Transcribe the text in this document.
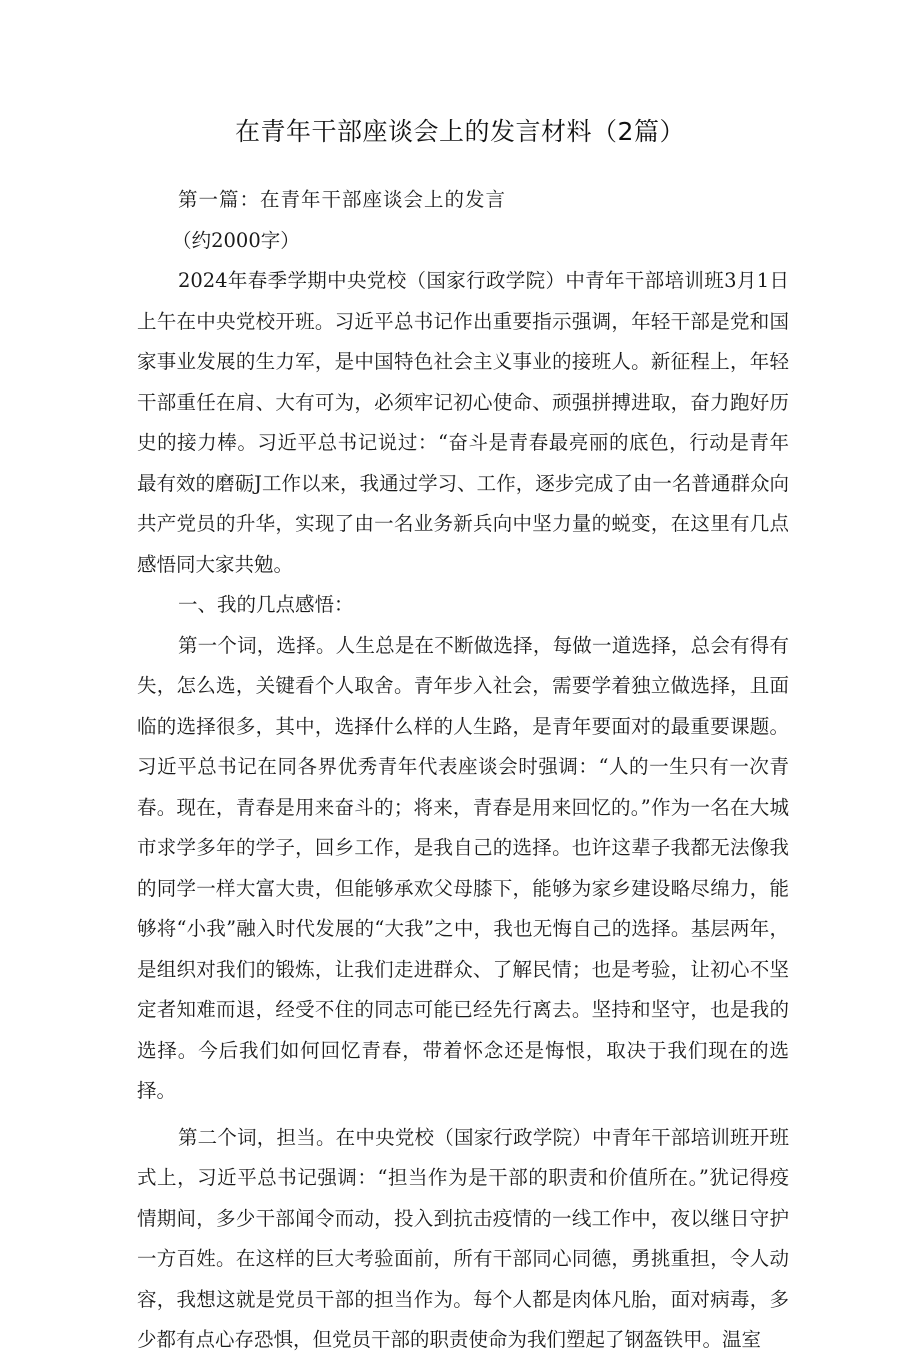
在青年干部座谈会上的发言材料（2篇）

第一篇：在青年干部座谈会上的发言

（约2000字）

2024年春季学期中央党校（国家行政学院）中青年干部培训班3月1日上午在中央党校开班。习近平总书记作出重要指示强调，年轻干部是党和国家事业发展的生力军，是中国特色社会主义事业的接班人。新征程上，年轻干部重任在肩、大有可为，必须牢记初心使命、顽强拼搏进取，奋力跑好历史的接力棒。习近平总书记说过：“奋斗是青春最亮丽的底色，行动是青年最有效的磨砺J工作以来，我通过学习、工作，逐步完成了由一名普通群众向共产党员的升华，实现了由一名业务新兵向中坚力量的蜕变，在这里有几点感悟同大家共勉。

一、我的几点感悟：

第一个词，选择。人生总是在不断做选择，每做一道选择，总会有得有失，怎么选，关键看个人取舍。青年步入社会，需要学着独立做选择，且面临的选择很多，其中，选择什么样的人生路，是青年要面对的最重要课题。习近平总书记在同各界优秀青年代表座谈会时强调：“人的一生只有一次青春。现在，青春是用来奋斗的；将来，青春是用来回忆的。”作为一名在大城市求学多年的学子，回乡工作，是我自己的选择。也许这辈子我都无法像我的同学一样大富大贵，但能够承欢父母膝下，能够为家乡建设略尽绵力，能够将“小我”融入时代发展的“大我”之中，我也无悔自己的选择。基层两年，是组织对我们的锻炼，让我们走进群众、了解民情；也是考验，让初心不坚定者知难而退，经受不住的同志可能已经先行离去。坚持和坚守，也是我的选择。今后我们如何回忆青春，带着怀念还是悔恨，取决于我们现在的选择。

第二个词，担当。在中央党校（国家行政学院）中青年干部培训班开班式上，习近平总书记强调：“担当作为是干部的职责和价值所在。”犹记得疫情期间，多少干部闻令而动，投入到抗击疫情的一线工作中，夜以继日守护一方百姓。在这样的巨大考验面前，所有干部同心同德，勇挑重担，令人动容，我想这就是党员干部的担当作为。每个人都是肉体凡胎，面对病毒，多少都有点心存恐惧，但党员干部的职责使命为我们塑起了钢盔铁甲。温室
